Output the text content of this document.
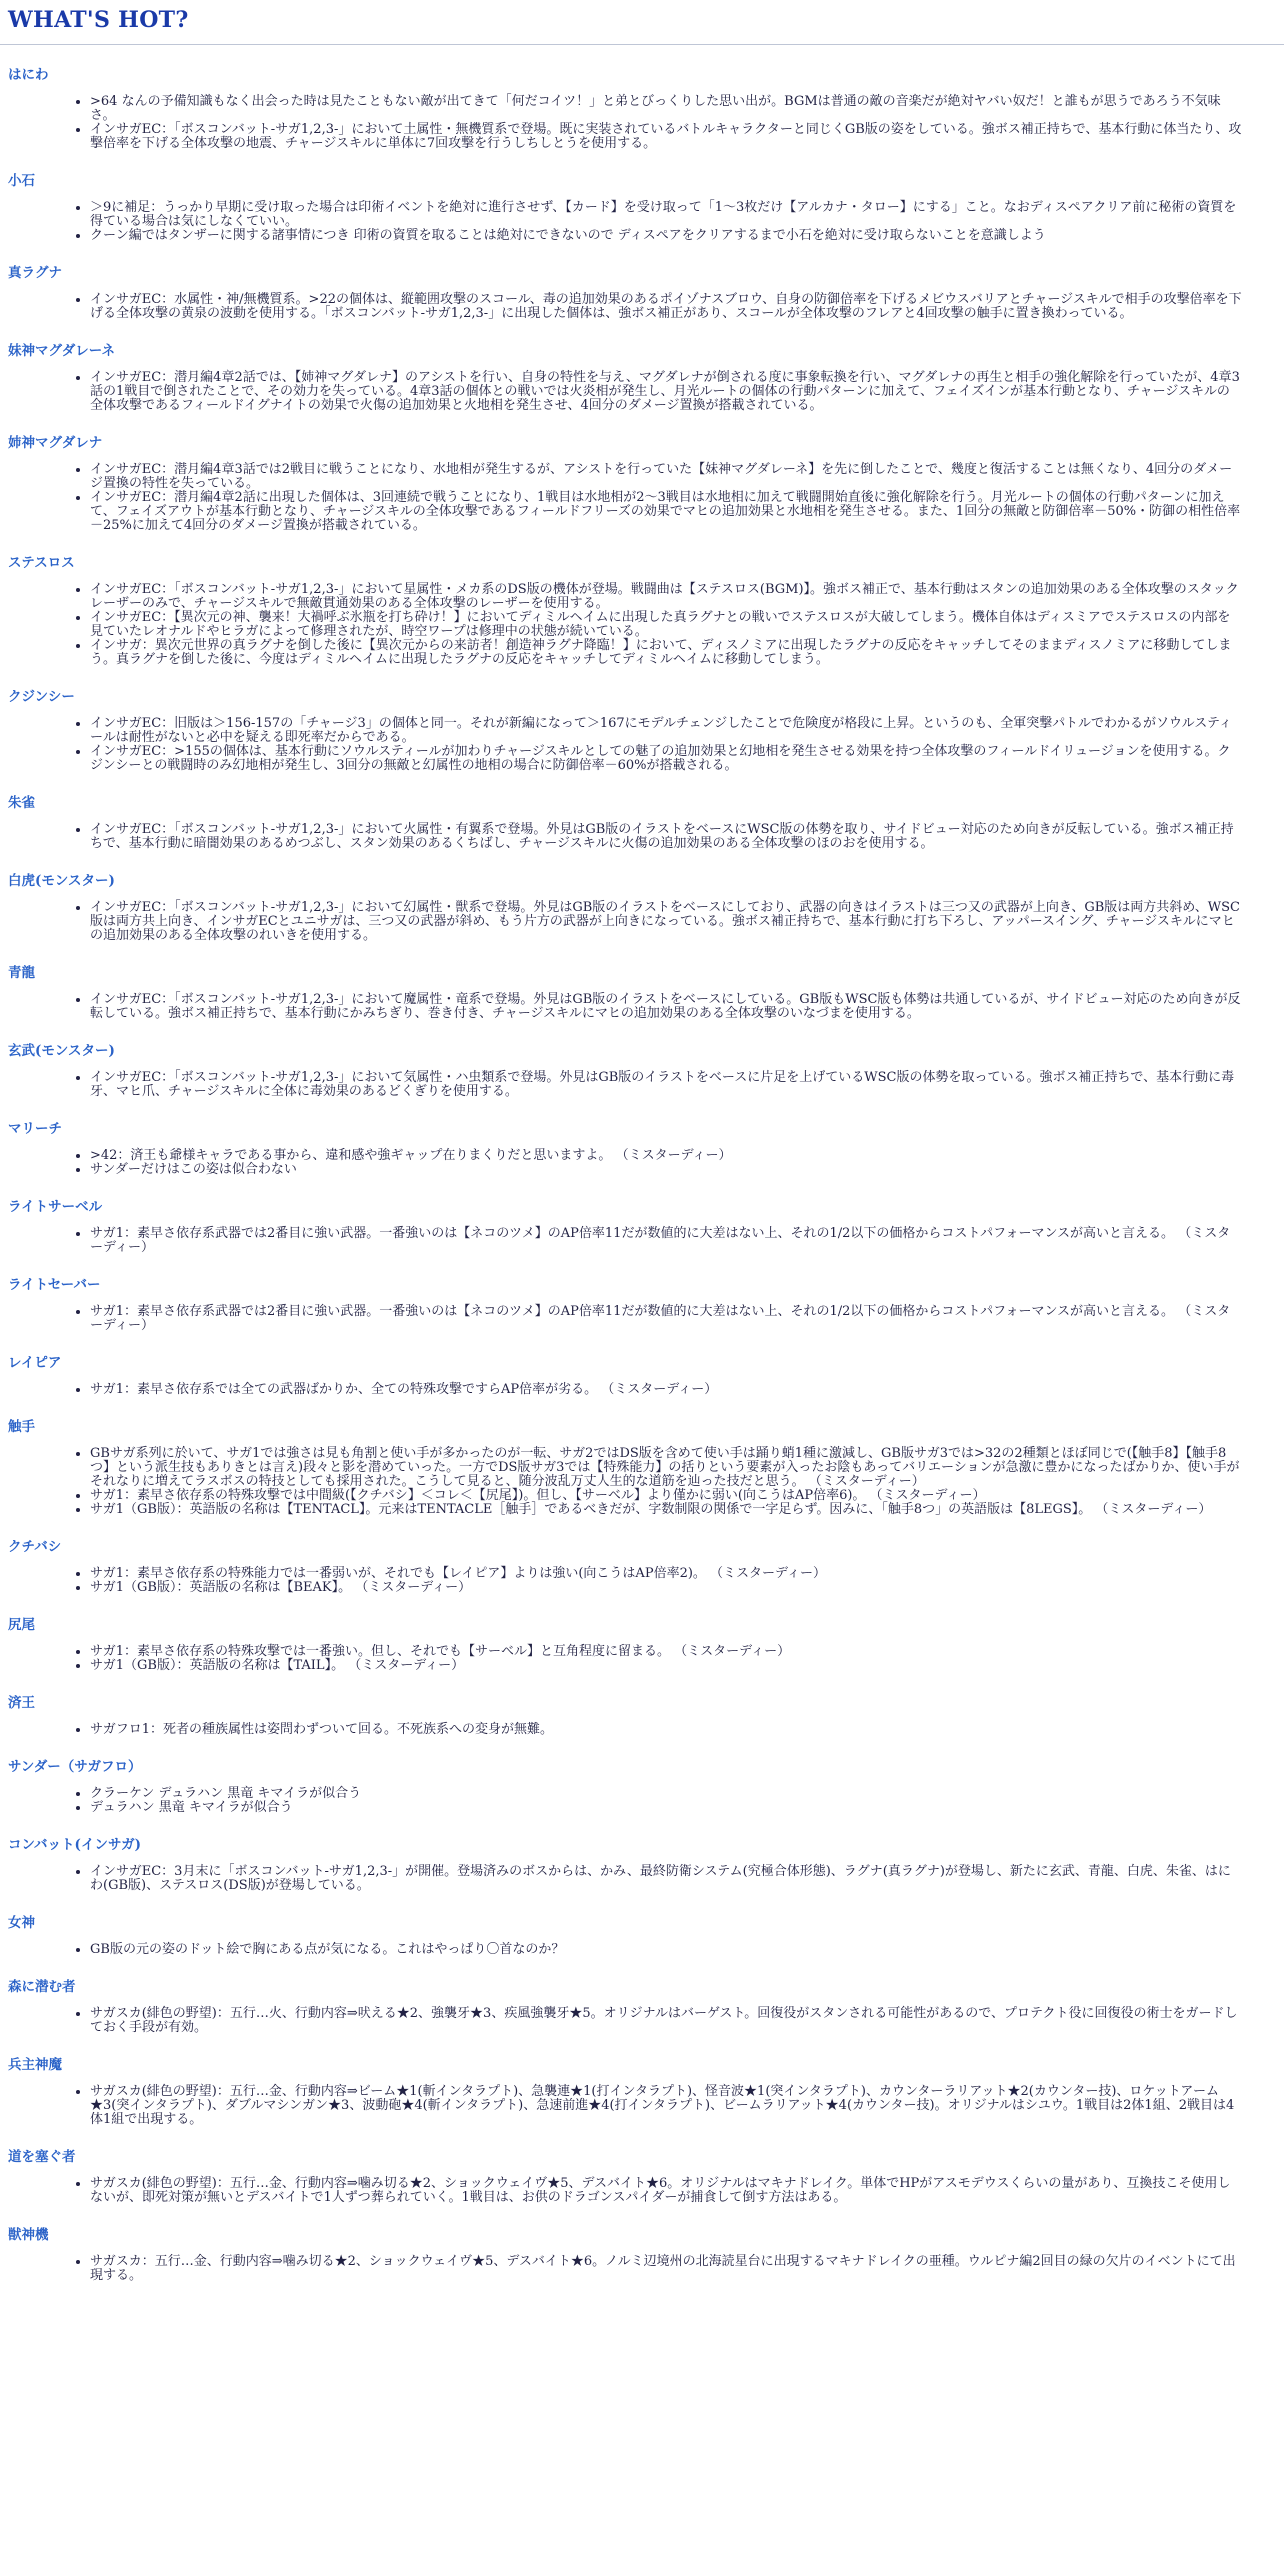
WHAT'S HOT?
はにわ
• >64 なんの予備知識もなく出会った時は見たこともない敵が出てきて「何だコイツ！」と弟とびっくりした思い出が。BGMは普通の敵の音楽だが絶対ヤバい奴だ！と誰もが思うであろう不気味さ。
• インサガEC：「ボスコンバット-サガ1,2,3-」において土属性・無機質系で登場。既に実装されているバトルキャラクターと同じくGB版の姿をしている。強ボス補正持ちで、基本行動に体当たり、攻撃倍率を下げる全体攻撃の地震、チャージスキルに単体に7回攻撃を行うしちしとうを使用する。
小石
• ＞9に補足：うっかり早期に受け取った場合は印術イベントを絶対に進行させず、【カード】を受け取って「1～3枚だけ【アルカナ・タロー】にする」こと。なおディスペアクリア前に秘術の資質を得ている場合は気にしなくていい。
• クーン編ではタンザーに関する諸事情につき 印術の資質を取ることは絶対にできないので ディスペアをクリアするまで小石を絶対に受け取らないことを意識しよう
真ラグナ
• インサガEC：水属性・神/無機質系。>22の個体は、縦範囲攻撃のスコール、毒の追加効果のあるポイゾナスブロウ、自身の防御倍率を下げるメビウスバリアとチャージスキルで相手の攻撃倍率を下げる全体攻撃の黄泉の波動を使用する。「ボスコンバット-サガ1,2,3-」に出現した個体は、強ボス補正があり、スコールが全体攻撃のフレアと4回攻撃の触手に置き換わっている。
妹神マグダレーネ
• インサガEC：潜月編4章2話では、【姉神マグダレナ】のアシストを行い、自身の特性を与え、マグダレナが倒される度に事象転換を行い、マグダレナの再生と相手の強化解除を行っていたが、4章3話の1戦目で倒されたことで、その効力を失っている。4章3話の個体との戦いでは火炎相が発生し、月光ルートの個体の行動パターンに加えて、フェイズインが基本行動となり、チャージスキルの全体攻撃であるフィールドイグナイトの効果で火傷の追加効果と火地相を発生させ、4回分のダメージ置換が搭載されている。
姉神マグダレナ
• インサガEC：潜月編4章3話では2戦目に戦うことになり、水地相が発生するが、アシストを行っていた【妹神マグダレーネ】を先に倒したことで、幾度と復活することは無くなり、4回分のダメージ置換の特性を失っている。
• インサガEC：潜月編4章2話に出現した個体は、3回連続で戦うことになり、1戦目は水地相が2～3戦目は水地相に加えて戦闘開始直後に強化解除を行う。月光ルートの個体の行動パターンに加えて、フェイズアウトが基本行動となり、チャージスキルの全体攻撃であるフィールドフリーズの効果でマヒの追加効果と水地相を発生させる。また、1回分の無敵と防御倍率－50%・防御の相性倍率－25%に加えて4回分のダメージ置換が搭載されている。
ステスロス
• インサガEC：「ボスコンバット-サガ1,2,3-」において星属性・メカ系のDS版の機体が登場。戦闘曲は【ステスロス(BGM)】。強ボス補正で、基本行動はスタンの追加効果のある全体攻撃のスタックレーザーのみで、チャージスキルで無敵貫通効果のある全体攻撃のレーザーを使用する。
• インサガEC：【異次元の神、襲来！大禍呼ぶ氷瓶を打ち砕け！】においてディミルヘイムに出現した真ラグナとの戦いでステスロスが大破してしまう。機体自体はディスミアでステスロスの内部を見ていたレオナルドやヒラガによって修理されたが、時空ワープは修理中の状態が続いている。
• インサガ：異次元世界の真ラグナを倒した後に【異次元からの来訪者！創造神ラグナ降臨！】において、ディスノミアに出現したラグナの反応をキャッチしてそのままディスノミアに移動してしまう。真ラグナを倒した後に、今度はディミルヘイムに出現したラグナの反応をキャッチしてディミルヘイムに移動してしまう。
クジンシー
• インサガEC：旧版は＞156-157の「チャージ3」の個体と同一。それが新編になって＞167にモデルチェンジしたことで危険度が格段に上昇。というのも、全軍突撃パトルでわかるがソウルスティールは耐性がないと必中を疑える即死率だからである。
• インサガEC：>155の個体は、基本行動にソウルスティールが加わりチャージスキルとしての魅了の追加効果と幻地相を発生させる効果を持つ全体攻撃のフィールドイリュージョンを使用する。クジンシーとの戦闘時のみ幻地相が発生し、3回分の無敵と幻属性の地相の場合に防御倍率－60%が搭載される。
朱雀
• インサガEC：「ボスコンバット-サガ1,2,3-」において火属性・有翼系で登場。外見はGB版のイラストをベースにWSC版の体勢を取り、サイドビュー対応のため向きが反転している。強ボス補正持ちで、基本行動に暗闇効果のあるめつぶし、スタン効果のあるくちばし、チャージスキルに火傷の追加効果のある全体攻撃のほのおを使用する。
白虎(モンスター)
• インサガEC：「ボスコンバット-サガ1,2,3-」において幻属性・獣系で登場。外見はGB版のイラストをベースにしており、武器の向きはイラストは三つ又の武器が上向き、GB版は両方共斜め、WSC版は両方共上向き、インサガECとユニサガは、三つ又の武器が斜め、もう片方の武器が上向きになっている。強ボス補正持ちで、基本行動に打ち下ろし、アッパースイング、チャージスキルにマヒの追加効果のある全体攻撃のれいきを使用する。
青龍
• インサガEC：「ボスコンバット-サガ1,2,3-」において魔属性・竜系で登場。外見はGB版のイラストをベースにしている。GB版もWSC版も体勢は共通しているが、サイドビュー対応のため向きが反転している。強ボス補正持ちで、基本行動にかみちぎり、巻き付き、チャージスキルにマヒの追加効果のある全体攻撃のいなづまを使用する。
玄武(モンスター)
• インサガEC：「ボスコンバット-サガ1,2,3-」において気属性・ハ虫類系で登場。外見はGB版のイラストをベースに片足を上げているWSC版の体勢を取っている。強ボス補正持ちで、基本行動に毒牙、マヒ爪、チャージスキルに全体に毒効果のあるどくぎりを使用する。
マリーチ
• >42：済王も爺様キャラである事から、違和感や強ギャップ在りまくりだと思いますよ。 （ミスターディー）
• サンダーだけはこの姿は似合わない
ライトサーベル
• サガ1：素早さ依存系武器では2番目に強い武器。一番強いのは【ネコのツメ】のAP倍率11だが数値的に大差はない上、それの1/2以下の価格からコストパフォーマンスが高いと言える。 （ミスターディー）
ライトセーバー
• サガ1：素早さ依存系武器では2番目に強い武器。一番強いのは【ネコのツメ】のAP倍率11だが数値的に大差はない上、それの1/2以下の価格からコストパフォーマンスが高いと言える。 （ミスターディー）
レイピア
• サガ1：素早さ依存系では全ての武器ばかりか、全ての特殊攻撃ですらAP倍率が劣る。 （ミスターディー）
触手
• GBサガ系列に於いて、サガ1では強さは見も角割と使い手が多かったのが一転、サガ2ではDS版を含めて使い手は踊り蛸1種に激減し、GB版サガ3では>32の2種類とほぼ同じで(【触手8】【触手8つ】という派生技もありきとは言え)段々と影を潜めていった。一方でDS版サガ3では【特殊能力】の括りという要素が入ったお陰もあってバリエーションが急激に豊かになったばかりか、使い手がそれなりに増えてラスボスの特技としても採用された。こうして見ると、随分波乱万丈人生的な道筋を辿った技だと思う。 （ミスターディー）
• サガ1：素早さ依存系の特殊攻撃では中間級(【クチバシ】＜コレ＜【尻尾】)。但し、【サーベル】より僅かに弱い(向こうはAP倍率6)。 （ミスターディー）
• サガ1（GB版）：英語版の名称は【TENTACL】。元来はTENTACLE［触手］であるべきだが、字数制限の関係で一字足らず。因みに、「触手8つ」の英語版は【8LEGS】。 （ミスターディー）
クチバシ
• サガ1：素早さ依存系の特殊能力では一番弱いが、それでも【レイピア】よりは強い(向こうはAP倍率2)。 （ミスターディー）
• サガ1（GB版）：英語版の名称は【BEAK】。 （ミスターディー）
尻尾
• サガ1：素早さ依存系の特殊攻撃では一番強い。但し、それでも【サーベル】と互角程度に留まる。 （ミスターディー）
• サガ1（GB版）：英語版の名称は【TAIL】。 （ミスターディー）
済王
• サガフロ1：死者の種族属性は姿問わずついて回る。不死族系への変身が無難。
サンダー（サガフロ）
• クラーケン デュラハン 黒竜 キマイラが似合う
• デュラハン 黒竜 キマイラが似合う
コンバット(インサガ)
• インサガEC：3月末に「ボスコンバット-サガ1,2,3-」が開催。登場済みのボスからは、かみ、最終防衛システム(究極合体形態)、ラグナ(真ラグナ)が登場し、新たに玄武、青龍、白虎、朱雀、はにわ(GB版)、ステスロス(DS版)が登場している。
女神
• GB版の元の姿のドット絵で胸にある点が気になる。これはやっぱり〇首なのか？
森に潜む者
• サガスカ(緋色の野望)：五行…火、行動内容⇒吠える★2、強襲牙★3、疾風強襲牙★5。オリジナルはバーゲスト。回復役がスタンされる可能性があるので、プロテクト役に回復役の術士をガードしておく手段が有効。
兵主神魔
• サガスカ(緋色の野望)：五行…金、行動内容⇒ビーム★1(斬インタラプト)、急襲連★1(打インタラプト)、怪音波★1(突インタラプト)、カウンターラリアット★2(カウンター技)、ロケットアーム★3(突インタラプト)、ダブルマシンガン★3、波動砲★4(斬インタラプト)、急速前進★4(打インタラプト)、ビームラリアット★4(カウンター技)。オリジナルはシユウ。1戦目は2体1組、2戦目は4体1組で出現する。
道を塞ぐ者
• サガスカ(緋色の野望)：五行…金、行動内容⇒噛み切る★2、ショックウェイヴ★5、デスバイト★6。オリジナルはマキナドレイク。単体でHPがアスモデウスくらいの量があり、互換技こそ使用しないが、即死対策が無いとデスバイトで1人ずつ葬られていく。1戦目は、お供のドラゴンスパイダーが捕食して倒す方法はある。
獣神機
• サガスカ：五行…金、行動内容⇒噛み切る★2、ショックウェイヴ★5、デスバイト★6。ノルミ辺境州の北海読星台に出現するマキナドレイクの亜種。ウルピナ編2回目の緑の欠片のイベントにて出現する。
